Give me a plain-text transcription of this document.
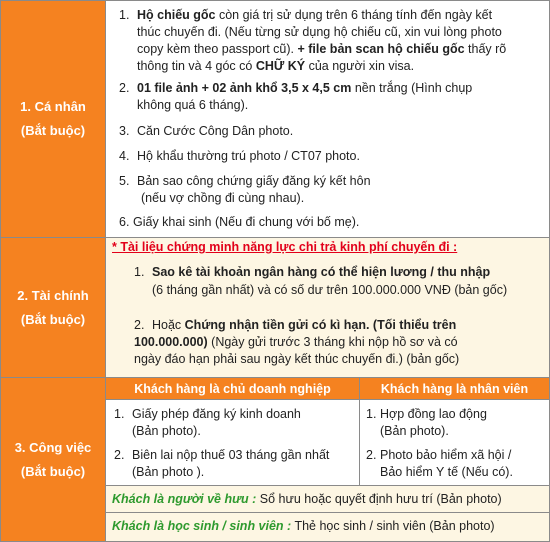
1. Cá nhân
(Bắt buộc)
1. Hộ chiếu gốc còn giá trị sử dụng trên 6 tháng tính đến ngày kết
thúc chuyến đi. (Nếu từng sử dụng hộ chiếu cũ, xin vui lòng photo
copy kèm theo passport cũ). + file bản scan hộ chiếu gốc thấy rõ
thông tin và 4 góc có CHỮ KÝ của người xin visa.
2. 01 file ảnh + 02 ảnh khổ 3,5 x 4,5 cm nền trắng (Hình chụp
không quá 6 tháng).
3. Căn Cước Công Dân photo.
4. Hộ khẩu thường trú photo / CT07 photo.
5. Bản sao công chứng giấy đăng ký kết hôn
(nếu vợ chồng đi cùng nhau).
6. Giấy khai sinh (Nếu đi chung với bố mẹ).
2. Tài chính
(Bắt buộc)
* Tài liệu chứng minh năng lực chi trả kinh phí chuyến đi :
1. Sao kê tài khoản ngân hàng có thể hiện lương / thu nhập
(6 tháng gần nhất) và có số dư trên 100.000.000 VNĐ (bản gốc)
2. Hoặc Chứng nhận tiền gửi có kì hạn. (Tối thiểu trên
100.000.000) (Ngày gửi trước 3 tháng khi nộp hồ sơ và có
ngày đáo hạn phải sau ngày kết thúc chuyến đi.) (bản gốc)
3. Công việc
(Bắt buộc)
Khách hàng là chủ doanh nghiệp	Khách hàng là nhân viên
1. Giấy phép đăng ký kinh doanh
(Bản photo).
2. Biên lai nộp thuế 03 tháng gần nhất
(Bản photo ).
1. Hợp đồng lao động
(Bản photo).
2. Photo bảo hiểm xã hội /
Bảo hiểm Y tế (Nếu có).
Khách là người về hưu : Sổ hưu hoặc quyết định hưu trí (Bản photo)
Khách là học sinh / sinh viên : Thẻ học sinh / sinh viên (Bản photo)
